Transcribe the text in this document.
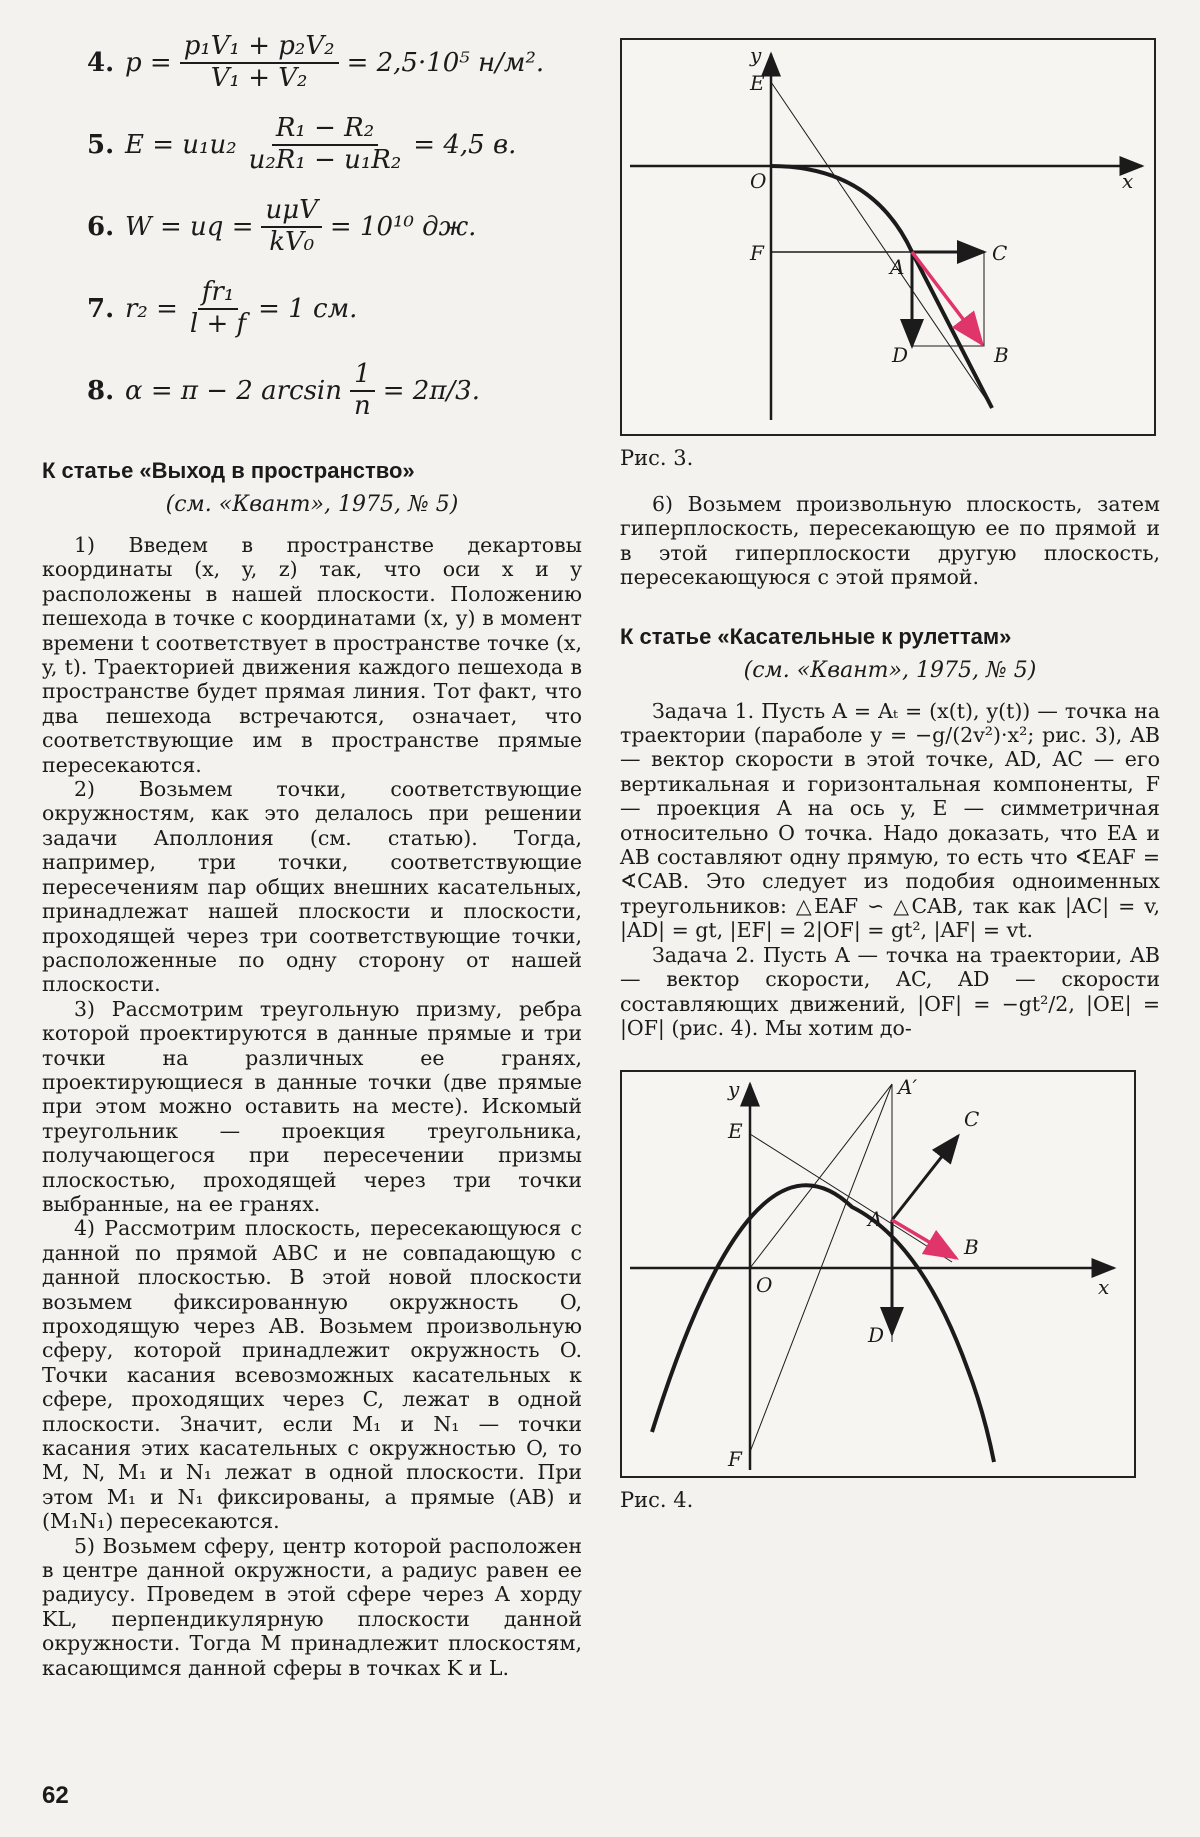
4. $p = \frac{\text{p₁V₁ + p₂V₂}}{\text{V₁ + V₂}} = 2,5\cdot 10^5$ н/м².
5. $E = u_1u_2 \frac{\text{R₁ − R₂}}{\text{u₂R₁ − u₁R₂}} = 4,5$ в.
6. W = uq = $\frac{\text{uμV}}{\text{kV₀}} = 10^{10}$ дж.
7. $r_2 = \frac{\text{fr₁}}{l + f} = 1$ см.
8. α = π − 2 $\arcsin \frac{1}{n} = 2\pi/3$.
К статье «Выход в пространство»

(см. «Квант», 1975, № 5)

1) Введем в пространстве декартовы координаты (x, y, z) так, что оси x и y расположены в нашей плоскости. Положению пешехода в точке с координатами (x, y) в момент времени t соответствует в пространстве точке (x, y, t). Траекторией движения каждого пешехода в пространстве будет прямая линия. Тот факт, что два пешехода встречаются, означает, что соответствующие им в пространстве прямые пересекаются.

2) Возьмем точки, соответствующие окружностям, как это делалось при решении задачи Аполлония (см. статью). Тогда, например, три точки, соответствующие пересечениям пар общих внешних касательных, принадлежат нашей плоскости и плоскости, проходящей через три соответствующие точки, расположенные по одну сторону от нашей плоскости.

3) Рассмотрим треугольную призму, ребра которой проектируются в данные прямые и три точки на различных ее гранях, проектирующиеся в данные точки (две прямые при этом можно оставить на месте). Искомый треугольник — проекция треугольника, получающегося при пересечении призмы плоскостью, проходящей через три точки выбранные, на ее гранях.

4) Рассмотрим плоскость, пересекающуюся с данной по прямой ABC и не совпадающую с данной плоскостью. В этой новой плоскости возьмем фиксированную окружность O, проходящую через AB. Возьмем произвольную сферу, которой принадлежит окружность O. Точки касания всевозможных касательных к сфере, проходящих через C, лежат в одной плоскости. Значит, если M₁ и N₁ — точки касания этих касательных с окружностью O, то M, N, M₁ и N₁ лежат в одной плоскости. При этом M₁ и N₁ фиксированы, а прямые (AB) и (M₁N₁) пересекаются.

5) Возьмем сферу, центр которой расположен в центре данной окружности, а радиус равен ее радиусу. Проведем в этой сфере через A хорду KL, перпендикулярную плоскости данной окружности. Тогда M принадлежит плоскостям, касающимся данной сферы в точках K и L.

y
E
x
O
F
A
C
D	B

Рис. 3.

6) Возьмем произвольную плоскость, затем гиперплоскость, пересекающую ее по прямой и в этой гиперплоскости другую плоскость, пересекающуюся с этой прямой.

К статье «Касательные к рулеттам»

(см. «Квант», 1975, № 5)

Задача 1. Пусть A = Aₜ = (x(t), y(t)) — точка на траектории (параболе y = −g/(2v²)·x²; рис. 3), AB — вектор скорости в этой точке, AD, AC — его вертикальная и горизонтальная компоненты, F — проекция A на ось y, E — симметричная относительно O точка. Надо доказать, что EA и AB составляют одну прямую, то есть что ∢EAF = ∢CAB. Это следует из подобия одноименных треугольников: △EAF ∽ △CAB, так как |AC| = v, |AD| = gt, |EF| = 2|OF| = gt², |AF| = vt.

Задача 2. Пусть A — точка на траектории, AB — вектор скорости, AC, AD — скорости составляющих движений, |OF| = −gt²/2, |OE| = |OF| (рис. 4). Мы хотим до-

y	A′
E	C
A
B
O	x
D
F

Рис. 4.

62
